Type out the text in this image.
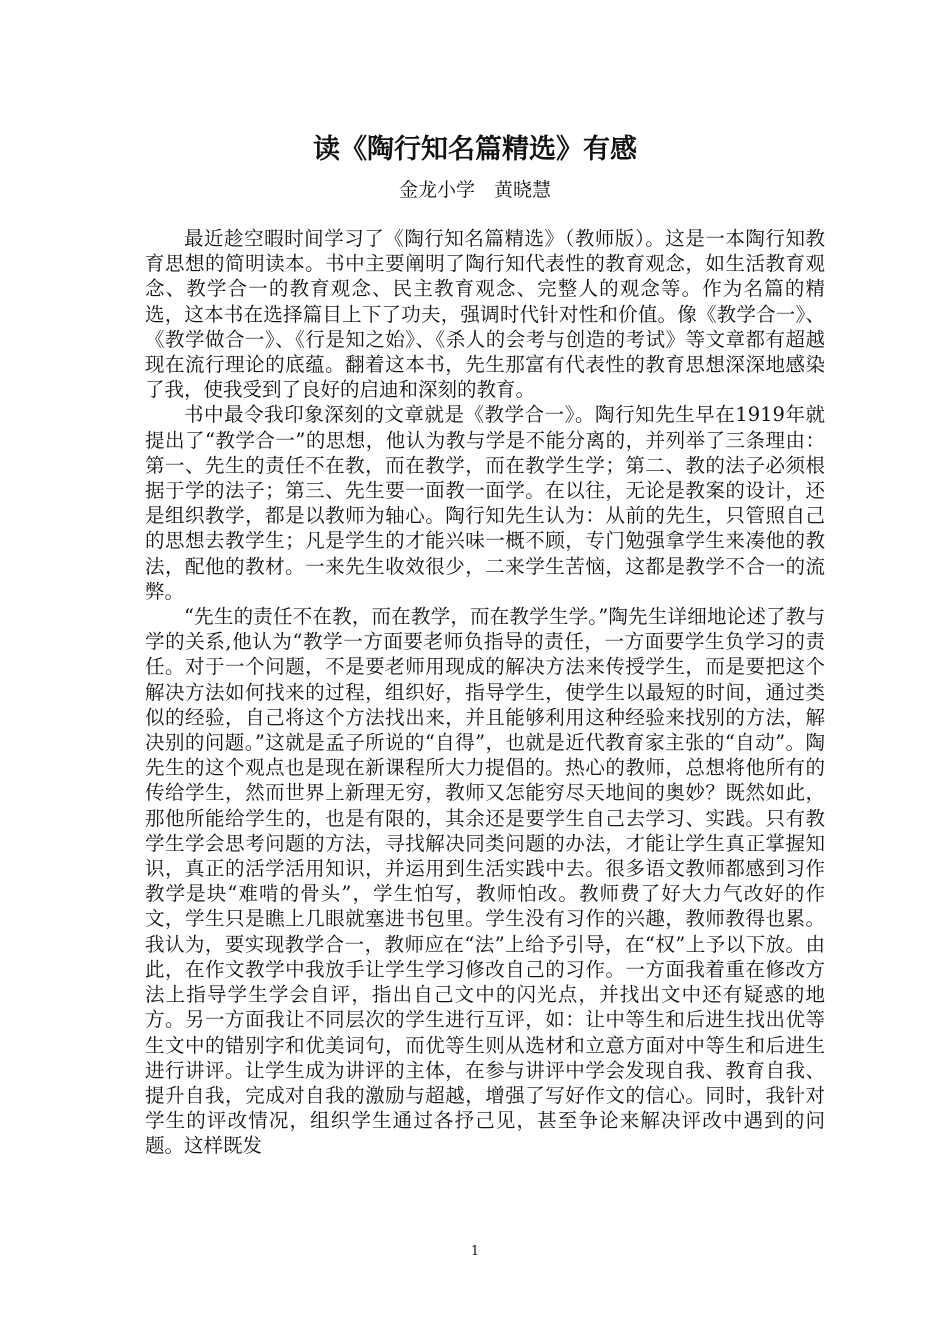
读《陶行知名篇精选》有感
金龙小学　黄晓慧

最近趁空暇时间学习了《陶行知名篇精选》（教师版）。这是一本陶行知教育思想的简明读本。书中主要阐明了陶行知代表性的教育观念，如生活教育观念、教学合一的教育观念、民主教育观念、完整人的观念等。作为名篇的精选，这本书在选择篇目上下了功夫，强调时代针对性和价值。像《教学合一》、《教学做合一》、《行是知之始》、《杀人的会考与创造的考试》等文章都有超越现在流行理论的底蕴。翻着这本书，先生那富有代表性的教育思想深深地感染了我，使我受到了良好的启迪和深刻的教育。

书中最令我印象深刻的文章就是《教学合一》。陶行知先生早在1919年就提出了“教学合一”的思想，他认为教与学是不能分离的，并列举了三条理由：第一、先生的责任不在教，而在教学，而在教学生学；第二、教的法子必须根据于学的法子；第三、先生要一面教一面学。在以往，无论是教案的设计，还是组织教学，都是以教师为轴心。陶行知先生认为：从前的先生，只管照自己的思想去教学生；凡是学生的才能兴味一概不顾，专门勉强拿学生来凑他的教法，配他的教材。一来先生收效很少，二来学生苦恼，这都是教学不合一的流弊。

“先生的责任不在教，而在教学，而在教学生学。”陶先生详细地论述了教与学的关系,他认为“教学一方面要老师负指导的责任，一方面要学生负学习的责任。对于一个问题，不是要老师用现成的解决方法来传授学生，而是要把这个解决方法如何找来的过程，组织好，指导学生，使学生以最短的时间，通过类似的经验，自己将这个方法找出来，并且能够利用这种经验来找别的方法，解决别的问题。”这就是孟子所说的“自得”，也就是近代教育家主张的“自动”。陶先生的这个观点也是现在新课程所大力提倡的。热心的教师，总想将他所有的传给学生，然而世界上新理无穷，教师又怎能穷尽天地间的奥妙？既然如此，那他所能给学生的，也是有限的，其余还是要学生自己去学习、实践。只有教学生学会思考问题的方法，寻找解决同类问题的办法，才能让学生真正掌握知识，真正的活学活用知识，并运用到生活实践中去。很多语文教师都感到习作教学是块“难啃的骨头”，学生怕写，教师怕改。教师费了好大力气改好的作文，学生只是瞧上几眼就塞进书包里。学生没有习作的兴趣，教师教得也累。我认为，要实现教学合一，教师应在“法”上给予引导，在“权”上予以下放。由此，在作文教学中我放手让学生学习修改自己的习作。一方面我着重在修改方法上指导学生学会自评，指出自己文中的闪光点，并找出文中还有疑惑的地方。另一方面我让不同层次的学生进行互评，如：让中等生和后进生找出优等生文中的错别字和优美词句，而优等生则从选材和立意方面对中等生和后进生进行讲评。让学生成为讲评的主体，在参与讲评中学会发现自我、教育自我、提升自我，完成对自我的激励与超越，增强了写好作文的信心。同时，我针对学生的评改情况，组织学生通过各抒己见，甚至争论来解决评改中遇到的问题。这样既发

1
